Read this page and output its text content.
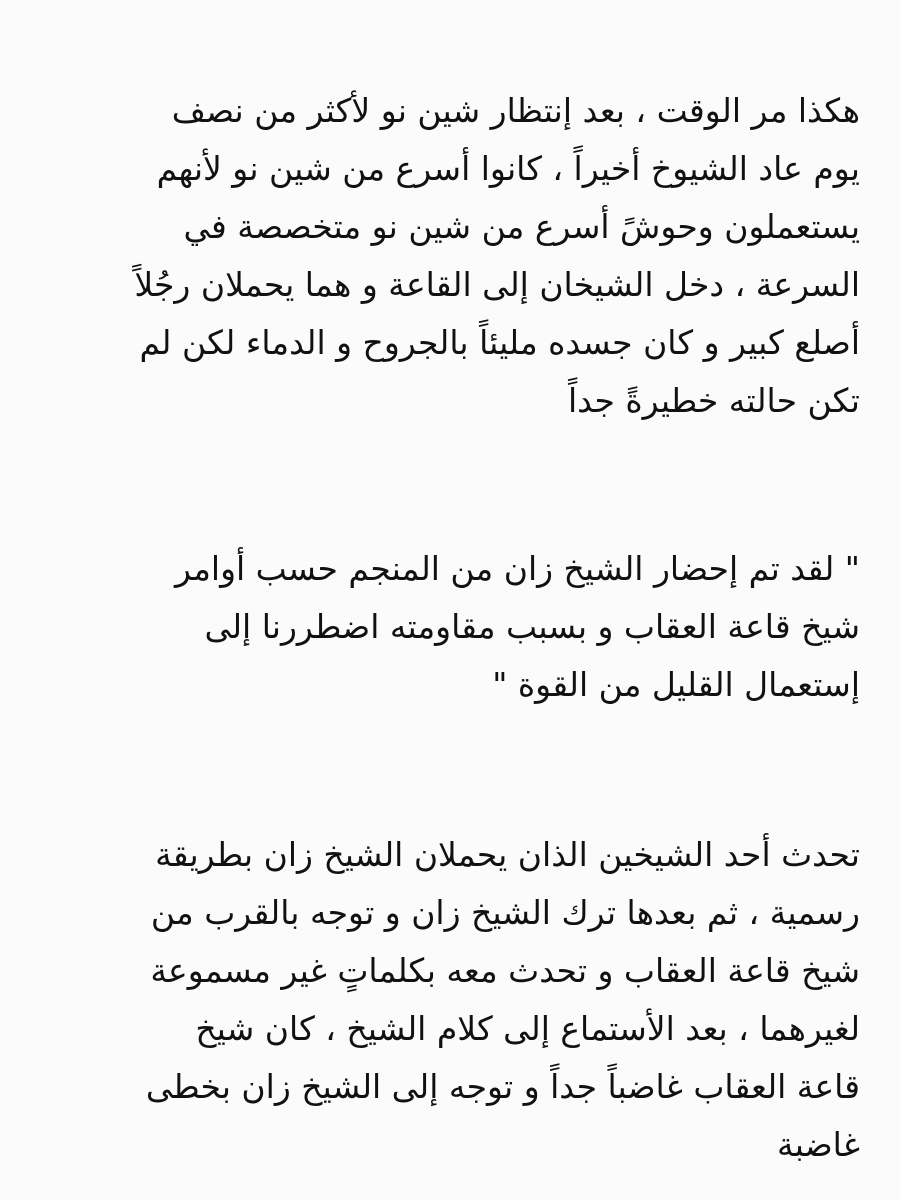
هكذا مر الوقت ، بعد إنتظار شين نو لأكثر من نصف
يوم عاد الشيوخ أخيراً ، كانوا أسرع من شين نو لأنهم
يستعملون وحوشً أسرع من شين نو متخصصة في
السرعة ، دخل الشيخان إلى القاعة و هما يحملان رجُلاً
أصلع كبير و كان جسده مليئاً بالجروح و الدماء لكن لم
تكن حالته خطيرةً جداً
" لقد تم إحضار الشيخ زان من المنجم حسب أوامر
شيخ قاعة العقاب و بسبب مقاومته اضطررنا إلى
إستعمال القليل من القوة "
تحدث أحد الشيخين الذان يحملان الشيخ زان بطريقة
رسمية ، ثم بعدها ترك الشيخ زان و توجه بالقرب من
شيخ قاعة العقاب و تحدث معه بكلماتٍ غير مسموعة
لغيرهما ، بعد الأستماع إلى كلام الشيخ ، كان شيخ
قاعة العقاب غاضباً جداً و توجه إلى الشيخ زان بخطى
غاضبة
